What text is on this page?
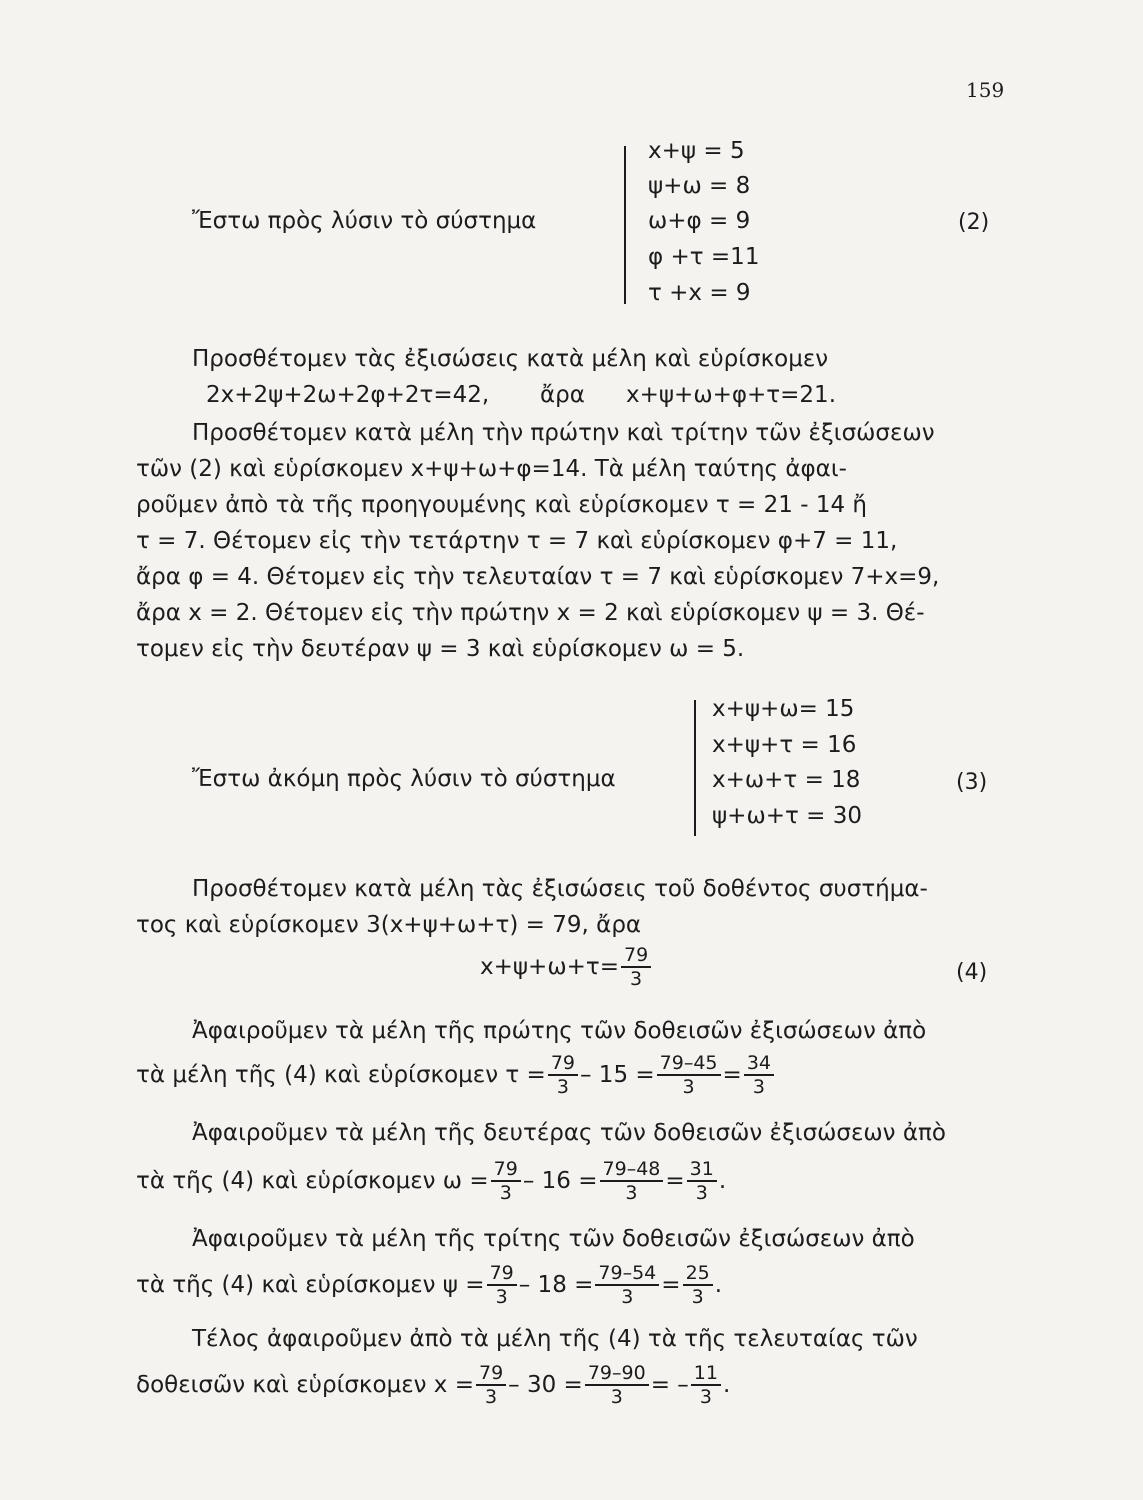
159
Ἔστω πρὸς λύσιν τὸ σύστημα
x+ψ = 5
ψ+ω = 8
ω+φ = 9
φ +τ =11
τ +x = 9
(2)
Προσθέτομεν τὰς ἐξισώσεις κατὰ μέλη καὶ εὑρίσκομεν
2x+2ψ+2ω+2φ+2τ=42, ἄρα x+ψ+ω+φ+τ=21.
Προσθέτομεν κατὰ μέλη τὴν πρώτην καὶ τρίτην τῶν ἐξισώσεων
τῶν (2) καὶ εὑρίσκομεν x+ψ+ω+φ=14. Τὰ μέλη ταύτης ἀφαι-
ροῦμεν ἀπὸ τὰ τῆς προηγουμένης καὶ εὑρίσκομεν τ = 21 - 14 ἤ
τ = 7. Θέτομεν εἰς τὴν τετάρτην τ = 7 καὶ εὑρίσκομεν φ+7 = 11,
ἄρα φ = 4. Θέτομεν εἰς τὴν τελευταίαν τ = 7 καὶ εὑρίσκομεν 7+x=9,
ἄρα x = 2. Θέτομεν εἰς τὴν πρώτην x = 2 καὶ εὑρίσκομεν ψ = 3. Θέ-
τομεν εἰς τὴν δευτέραν ψ = 3 καὶ εὑρίσκομεν ω = 5.
Ἔστω ἀκόμη πρὸς λύσιν τὸ σύστημα
x+ψ+ω= 15
x+ψ+τ = 16
x+ω+τ = 18
ψ+ω+τ = 30
(3)
Προσθέτομεν κατὰ μέλη τὰς ἐξισώσεις τοῦ δοθέντος συστήμα-
τος καὶ εὑρίσκομεν 3(x+ψ+ω+τ) = 79, ἄρα
$x+\psi+\omega+\tau= \frac{79}{3}$	(4)
Ἀφαιροῦμεν τὰ μέλη τῆς πρώτης τῶν δοθεισῶν ἐξισώσεων ἀπὸ
τὰ μέλη τῆς (4) καὶ εὑρίσκομεν $\tau = \frac{79}{3} - 15 = \frac{79-45}{3} = \frac{34}{3}$
Ἀφαιροῦμεν τὰ μέλη τῆς δευτέρας τῶν δοθεισῶν ἐξισώσεων ἀπὸ
τὰ τῆς (4) καὶ εὑρίσκομεν $\omega = \frac{79}{3} - 16 = \frac{79-48}{3} = \frac{31}{3}$ .
Ἀφαιροῦμεν τὰ μέλη τῆς τρίτης τῶν δοθεισῶν ἐξισώσεων ἀπὸ
τὰ τῆς (4) καὶ εὑρίσκομεν $\psi = \frac{79}{3} - 18 = \frac{79-54}{3} = \frac{25}{3}$ .
Τέλος ἀφαιροῦμεν ἀπὸ τὰ μέλη τῆς (4) τὰ τῆς τελευταίας τῶν
δοθεισῶν καὶ εὑρίσκομεν $x = \frac{79}{3} - 30 = \frac{79-90}{3}$ = – $\frac{11}{3}$ .
